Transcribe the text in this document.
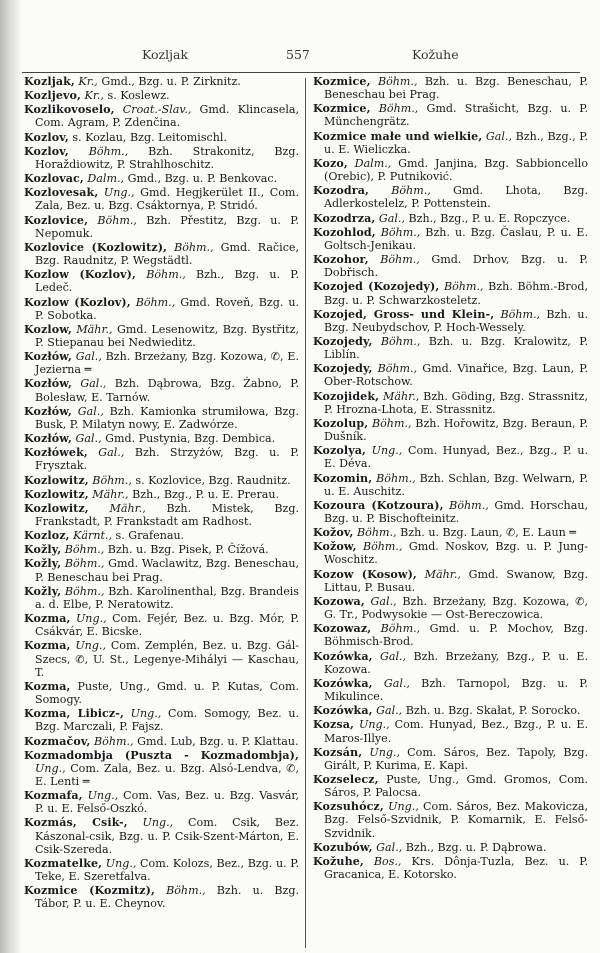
Kozljak	557	Kožuhe
Kozljak, Kr., Gmd., Bzg. u. P. Zirknitz.
Kozljevo, Kr., s. Koslewz.
Kozlikovoselo, Croat.-Slav., Gmd. Klincasela, Com. Agram, P. Zdenčina.
Kozlov, s. Kozlau, Bzg. Leitomischl.
Kozlov, Böhm., Bzh. Strakonitz, Bzg. Horaždiowitz, P. Strahlhoschitz.
Kozlovac, Dalm., Gmd., Bzg. u. P. Benkovac.
Kozlovesak, Ung., Gmd. Hegjkerület II., Com. Zala, Bez. u. Bzg. Csáktornya, P. Stridó.
Kozlovice, Böhm., Bzh. Přestitz, Bzg. u. P. Nepomuk.
Kozlovice (Kozlowitz), Böhm., Gmd. Račice, Bzg. Raudnitz, P. Wegstädtl.
Kozlow (Kozlov), Böhm., Bzh., Bzg. u. P. Ledeč.
Kozlow (Kozlov), Böhm., Gmd. Roveň, Bzg. u. P. Sobotka.
Kozlow, Mähr., Gmd. Lesenowitz, Bzg. Bystřitz, P. Stiepanau bei Nedwieditz.
Kozłów, Gal., Bzh. Brzeżany, Bzg. Kozowa, ✆, E. Jezierna ═
Kozłów, Gal., Bzh. Dąbrowa, Bzg. Żabno, P. Bolesław, E. Tarnów.
Kozłów, Gal., Bzh. Kamionka strumiłowa, Bzg. Busk, P. Milatyn nowy, E. Zadwórze.
Kozłów, Gal., Gmd. Pustynia, Bzg. Dembica.
Kozłówek, Gal., Bzh. Strzyżów, Bzg. u. P. Frysztak.
Kozlowitz, Böhm., s. Kozlovice, Bzg. Raudnitz.
Kozlowitz, Mähr., Bzh., Bzg., P. u. E. Prerau.
Kozlowitz, Mähr., Bzh. Mistek, Bzg. Frankstadt, P. Frankstadt am Radhost.
Kozloz, Kärnt., s. Grafenau.
Kožly, Böhm., Bzh. u. Bzg. Pisek, P. Čížová.
Kožly, Böhm., Gmd. Waclawitz, Bzg. Beneschau, P. Beneschau bei Prag.
Kožly, Böhm., Bzh. Karolinenthal, Bzg. Brandeis a. d. Elbe, P. Neratowitz.
Kozma, Ung., Com. Fejér, Bez. u. Bzg. Mór, P. Csákvár, E. Bicske.
Kozma, Ung., Com. Zemplén, Bez. u. Bzg. Gál-Szecs, ✆, U. St., Legenye-Mihályi — Kaschau, T.
Kozma, Puste, Ung., Gmd. u. P. Kutas, Com. Somogy.
Kozma, Libicz-, Ung., Com. Somogy, Bez. u. Bzg. Marczali, P. Fajsz.
Kozmačov, Böhm., Gmd. Lub, Bzg. u. P. Klattau.
Kozmadombja (Puszta - Kozmadombja), Ung., Com. Zala, Bez. u. Bzg. Alsó-Lendva, ✆, E. Lenti ═
Kozmafa, Ung., Com. Vas, Bez. u. Bzg. Vasvár, P. u. E. Felső-Oszkó.
Kozmás, Csik-, Ung., Com. Csik, Bez. Kászonal-csik, Bzg. u. P. Csik-Szent-Márton, E. Csik-Szereda.
Kozmatelke, Ung., Com. Kolozs, Bez., Bzg. u. P. Teke, E. Szeretfalva.
Kozmice (Kozmitz), Böhm., Bzh. u. Bzg. Tábor, P. u. E. Cheynov.
Kozmice, Böhm., Bzh. u. Bzg. Beneschau, P. Beneschau bei Prag.
Kozmice, Böhm., Gmd. Strašicht, Bzg. u. P. Münchengrätz.
Kozmice małe und wielkie, Gal., Bzh., Bzg., P. u. E. Wieliczka.
Kozo, Dalm., Gmd. Janjina, Bzg. Sabbioncello (Orebic), P. Putniković.
Kozodra, Böhm., Gmd. Lhota, Bzg. Adlerkostelelz, P. Pottenstein.
Kozodrza, Gal., Bzh., Bzg., P. u. E. Ropczyce.
Kozohlod, Böhm., Bzh. u. Bzg. Časlau, P. u. E. Goltsch-Jenikau.
Kozohor, Böhm., Gmd. Drhov, Bzg. u. P. Dobřisch.
Kozojed (Kozojedy), Böhm., Bzh. Böhm.-Brod, Bzg. u. P. Schwarzkosteletz.
Kozojed, Gross- und Klein-, Böhm., Bzh. u. Bzg. Neubydschov, P. Hoch-Wessely.
Kozojedy, Böhm., Bzh. u. Bzg. Kralowitz, P. Liblín.
Kozojedy, Böhm., Gmd. Vinařice, Bzg. Laun, P. Ober-Rotschow.
Kozojidek, Mähr., Bzh. Göding, Bzg. Strassnitz, P. Hrozna-Lhota, E. Strassnitz.
Kozolup, Böhm., Bzh. Hořowitz, Bzg. Beraun, P. Dušník.
Kozolya, Ung., Com. Hunyad, Bez., Bzg., P. u. E. Déva.
Kozomin, Böhm., Bzh. Schlan, Bzg. Welwarn, P. u. E. Auschitz.
Kozoura (Kotzoura), Böhm., Gmd. Horschau, Bzg. u. P. Bischofteinitz.
Kožov, Böhm., Bzh. u. Bzg. Laun, ✆, E. Laun ═
Kožow, Böhm., Gmd. Noskov, Bzg. u. P. Jung-Woschitz.
Kozow (Kosow), Mähr., Gmd. Swanow, Bzg. Littau, P. Busau.
Kozowa, Gal., Bzh. Brzeżany, Bzg. Kozowa, ✆, G. Tr., Podwysokie — Ost-Bereczowica.
Kozowaz, Böhm., Gmd. u. P. Mochov, Bzg. Böhmisch-Brod.
Kozówka, Gal., Bzh. Brzeżany, Bzg., P. u. E. Kozowa.
Kozówka, Gal., Bzh. Tarnopol, Bzg. u. P. Mikulince.
Kozówka, Gal., Bzh. u. Bzg. Skałat, P. Sorocko.
Kozsa, Ung., Com. Hunyad, Bez., Bzg., P. u. E. Maros-Illye.
Kozsán, Ung., Com. Sáros, Bez. Tapoly, Bzg. Girált, P. Kurima, E. Kapi.
Kozselecz, Puste, Ung., Gmd. Gromos, Com. Sáros, P. Palocsa.
Kozsuhócz, Ung., Com. Sáros, Bez. Makovicza, Bzg. Felső-Szvidnik, P. Komarnik, E. Felső-Szvidnik.
Kozubów, Gal., Bzh., Bzg. u. P. Dąbrowa.
Kožuhe, Bos., Krs. Dônja-Tuzla, Bez. u. P. Gracanica, E. Kotorsko.
